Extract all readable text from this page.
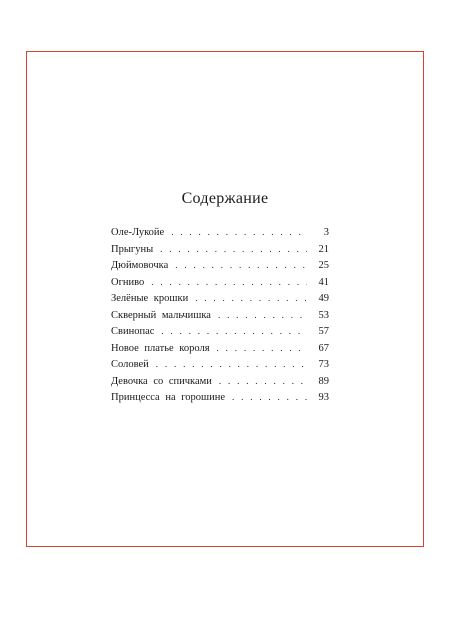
Содержание
Оле-Лукойе . . .	3
Прыгуны . . .	21
Дюймовочка . . .	25
Огниво . . .	41
Зелёные крошки . . .	49
Скверный мальчишка . . .	53
Свинопас . . .	57
Новое платье короля . . .	67
Соловей . . .	73
Девочка со спичками . . .	89
Принцесса на горошине . . .	93
